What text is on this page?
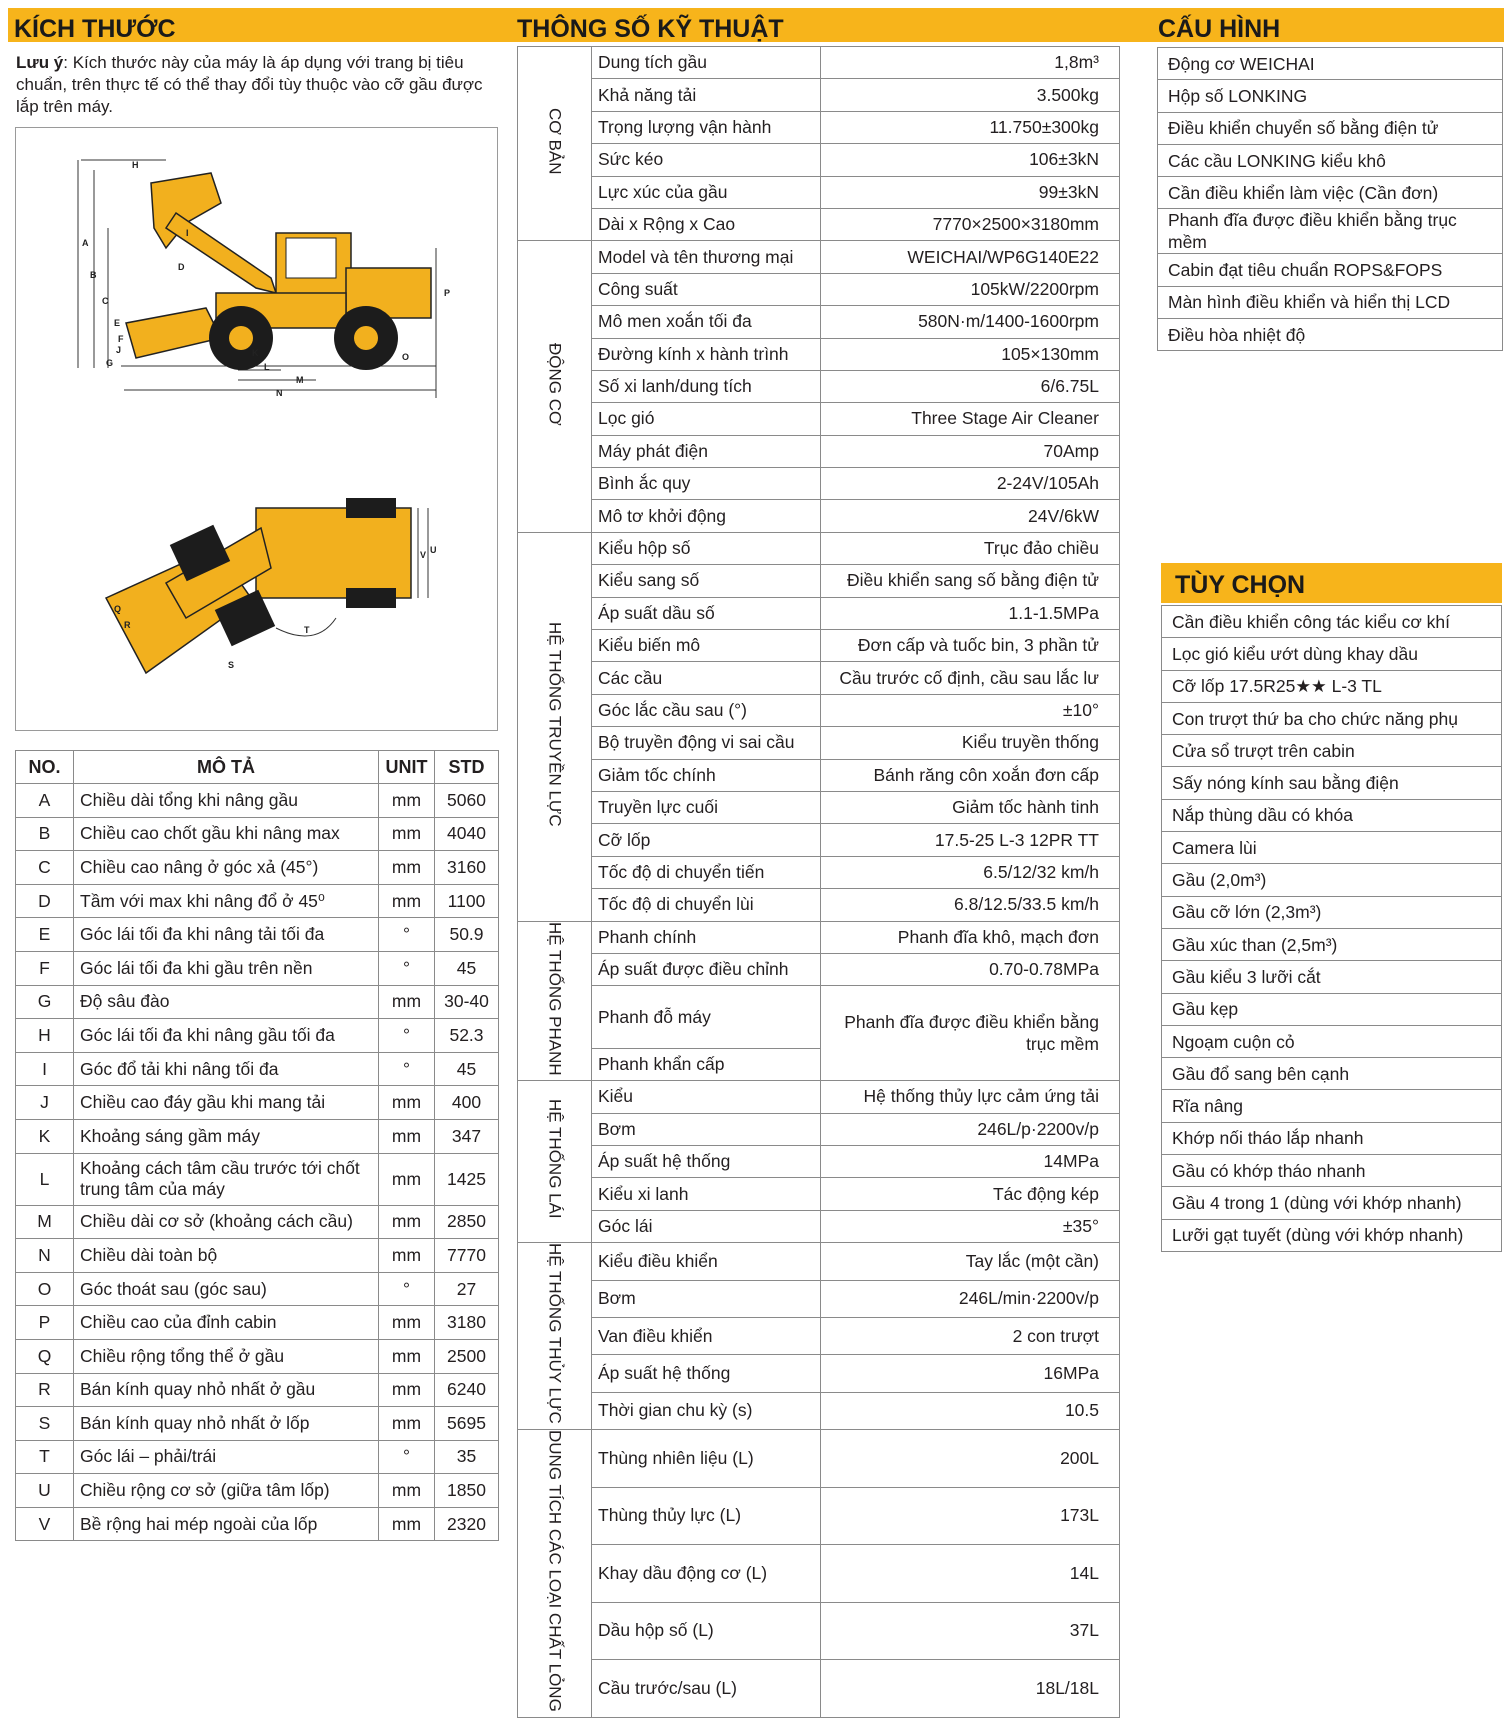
KÍCH THƯỚC	THÔNG SỐ KỸ THUẬT	CẤU HÌNH
Lưu ý: Kích thước này của máy là áp dụng với trang bị tiêu chuẩn, trên thực tế có thể thay đổi tùy thuộc vào cỡ gầu được lắp trên máy.
A
H
B
C
D
E
I
J
G	L
M
N
P
O
K
F
Q
R
S
T
U
V
NO.	MÔ TẢ	UNIT	STD
A	Chiều dài tổng khi nâng gầu	mm	5060
B	Chiều cao chốt gầu khi nâng max	mm	4040
C	Chiều cao nâng ở góc xả (45°)	mm	3160
D	Tầm với max khi nâng đổ ở 45⁰	mm	1100
E	Góc lái tối đa khi nâng tải tối đa	°	50.9
F	Góc lái tối đa khi gầu trên nền	°	45
G	Độ sâu đào	mm	30-40
H	Góc lái tối đa khi nâng gầu tối đa	°	52.3
I	Góc đổ tải khi nâng tối đa	°	45
J	Chiều cao đáy gầu khi mang tải	mm	400
K	Khoảng sáng gầm máy	mm	347
L	Khoảng cách tâm cầu trước tới chốt trung tâm của máy	mm	1425
M	Chiều dài cơ sở (khoảng cách cầu)	mm	2850
N	Chiều dài toàn bộ	mm	7770
O	Góc thoát sau (góc sau)	°	27
P	Chiều cao của đỉnh cabin	mm	3180
Q	Chiều rộng tổng thể ở gầu	mm	2500
R	Bán kính quay nhỏ nhất ở gầu	mm	6240
S	Bán kính quay nhỏ nhất ở lốp	mm	5695
T	Góc lái – phải/trái	°	35
U	Chiều rộng cơ sở (giữa tâm lốp)	mm	1850
V	Bề rộng hai mép ngoài của lốp	mm	2320
CƠ BẢN	Dung tích gầu	1,8m³
	Khả năng tải	3.500kg
	Trọng lượng vận hành	11.750±300kg
	Sức kéo	106±3kN
	Lực xúc của gầu	99±3kN
	Dài x Rộng x Cao	7770×2500×3180mm
ĐỘNG CƠ	Model và tên thương mại	WEICHAI/WP6G140E22
	Công suất	105kW/2200rpm
	Mô men xoắn tối đa	580N·m/1400-1600rpm
	Đường kính x hành trình	105×130mm
	Số xi lanh/dung tích	6/6.75L
	Lọc gió	Three Stage Air Cleaner
	Máy phát điện	70Amp
	Bình ắc quy	2-24V/105Ah
	Mô tơ khởi động	24V/6kW
HỆ THỐNG TRUYỀN LỰC	Kiểu hộp số	Trục đảo chiều
	Kiểu sang số	Điều khiển sang số bằng điện tử
	Áp suất dầu số	1.1-1.5MPa
	Kiểu biến mô	Đơn cấp và tuốc bin, 3 phần tử
	Các cầu	Cầu trước cố định, cầu sau lắc lư
	Góc lắc cầu sau (°)	±10°
	Bộ truyền động vi sai cầu	Kiểu truyền thống
	Giảm tốc chính	Bánh răng côn xoắn đơn cấp
	Truyền lực cuối	Giảm tốc hành tinh
	Cỡ lốp	17.5-25 L-3 12PR TT
	Tốc độ di chuyển tiến	6.5/12/32 km/h
	Tốc độ di chuyển lùi	6.8/12.5/33.5 km/h
HỆ THỐNG PHANH	Phanh chính	Phanh đĩa khô, mạch đơn
	Áp suất được điều chỉnh	0.70-0.78MPa
	Phanh đỗ máy	Phanh đĩa được điều khiển bằng trục mềm
	Phanh khẩn cấp	
HỆ THỐNG LÁI	Kiểu	Hệ thống thủy lực cảm ứng tải
	Bơm	246L/p·2200v/p
	Áp suất hệ thống	14MPa
	Kiểu xi lanh	Tác động kép
	Góc lái	±35°
HỆ THỐNG THỦY LỰC	Kiểu điều khiển	Tay lắc (một cần)
	Bơm	246L/min·2200v/p
	Van điều khiển	2 con trượt
	Áp suất hệ thống	16MPa
	Thời gian chu kỳ (s)	10.5
DUNG TÍCH CÁC LOẠI CHẤT LỎNG	Thùng nhiên liệu (L)	200L
	Thùng thủy lực (L)	173L
	Khay dầu động cơ (L)	14L
	Dầu hộp số (L)	37L
	Cầu trước/sau (L)	18L/18L
Động cơ WEICHAI
Hộp số LONKING
Điều khiển chuyển số bằng điện tử
Các cầu LONKING kiểu khô
Cần điều khiển làm việc (Cần đơn)
Phanh đĩa được điều khiển bằng trục mềm
Cabin đạt tiêu chuẩn ROPS&FOPS
Màn hình điều khiển và hiển thị LCD
Điều hòa nhiệt độ
TÙY CHỌN
Cần điều khiển công tác kiểu cơ khí
Lọc gió kiểu ướt dùng khay dầu
Cỡ lốp 17.5R25★★ L-3 TL
Con trượt thứ ba cho chức năng phụ
Cửa sổ trượt trên cabin
Sấy nóng kính sau bằng điện
Nắp thùng dầu có khóa
Camera lùi
Gầu (2,0m³)
Gầu cỡ lớn (2,3m³)
Gầu xúc than (2,5m³)
Gầu kiểu 3 lưỡi cắt
Gầu kẹp
Ngoạm cuộn cỏ
Gầu đổ sang bên cạnh
Rĩa nâng
Khớp nối tháo lắp nhanh
Gầu có khớp tháo nhanh
Gầu 4 trong 1 (dùng với khớp nhanh)
Lưỡi gạt tuyết (dùng với khớp nhanh)
